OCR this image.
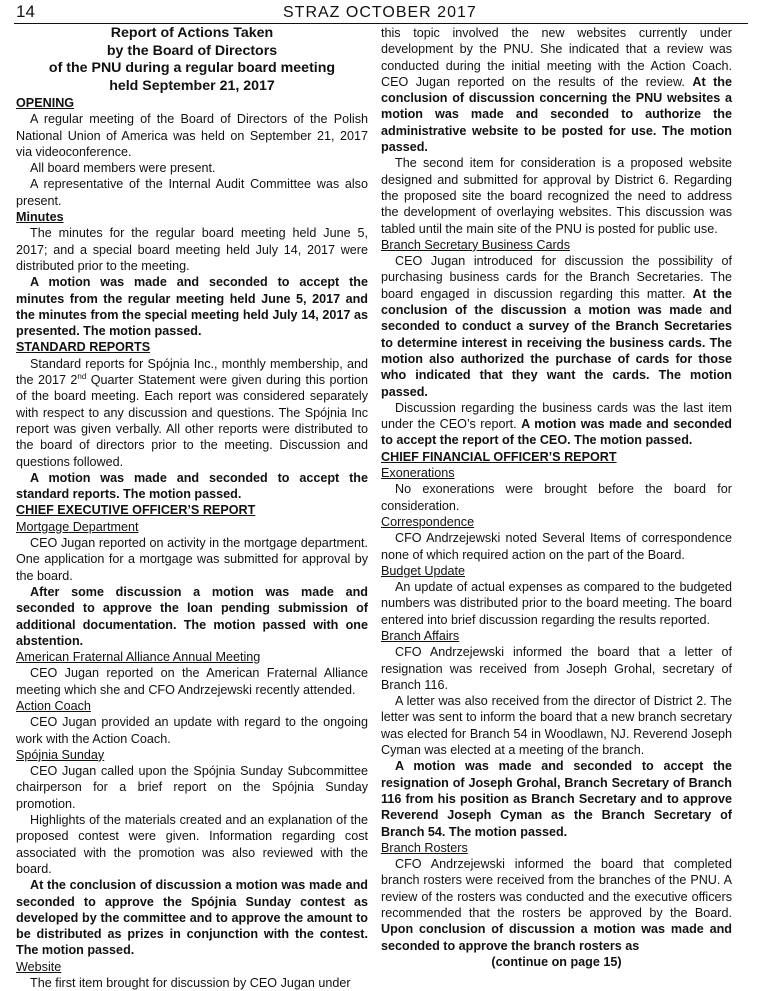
14	STRAZ OCTOBER 2017
Report of Actions Taken
by the Board of Directors
of the PNU during a regular board meeting
held September 21, 2017
OPENING
A regular meeting of the Board of Directors of the Polish National Union of America was held on September 21, 2017 via videoconference.
All board members were present.
A representative of the Internal Audit Committee was also present.
Minutes
The minutes for the regular board meeting held June 5, 2017; and a special board meeting held July 14, 2017 were distributed prior to the meeting.
A motion was made and seconded to accept the minutes from the regular meeting held June 5, 2017 and the minutes from the special meeting held July 14, 2017 as presented. The motion passed.
STANDARD REPORTS
Standard reports for Spójnia Inc., monthly membership, and the 2017 2nd Quarter Statement were given during this portion of the board meeting. Each report was considered separately with respect to any discussion and questions. The Spójnia Inc report was given verbally. All other reports were distributed to the board of directors prior to the meeting. Discussion and questions followed.
A motion was made and seconded to accept the standard reports. The motion passed.
CHIEF EXECUTIVE OFFICER’S REPORT
Mortgage Department
CEO Jugan reported on activity in the mortgage department. One application for a mortgage was submitted for approval by the board.
After some discussion a motion was made and seconded to approve the loan pending submission of additional documentation. The motion passed with one abstention.
American Fraternal Alliance Annual Meeting
CEO Jugan reported on the American Fraternal Alliance meeting which she and CFO Andrzejewski recently attended.
Action Coach
CEO Jugan provided an update with regard to the ongoing work with the Action Coach.
Spójnia Sunday
CEO Jugan called upon the Spójnia Sunday Subcommittee chairperson for a brief report on the Spójnia Sunday promotion.
Highlights of the materials created and an explanation of the proposed contest were given. Information regarding cost associated with the promotion was also reviewed with the board.
At the conclusion of discussion a motion was made and seconded to approve the Spójnia Sunday contest as developed by the committee and to approve the amount to be distributed as prizes in conjunction with the contest. The motion passed.
Website
The first item brought for discussion by CEO Jugan under
this topic involved the new websites currently under development by the PNU. She indicated that a review was conducted during the initial meeting with the Action Coach. CEO Jugan reported on the results of the review. At the conclusion of discussion concerning the PNU websites a motion was made and seconded to authorize the administrative website to be posted for use. The motion passed.
The second item for consideration is a proposed website designed and submitted for approval by District 6. Regarding the proposed site the board recognized the need to address the development of overlaying websites. This discussion was tabled until the main site of the PNU is posted for public use.
Branch Secretary Business Cards
CEO Jugan introduced for discussion the possibility of purchasing business cards for the Branch Secretaries. The board engaged in discussion regarding this matter. At the conclusion of the discussion a motion was made and seconded to conduct a survey of the Branch Secretaries to determine interest in receiving the business cards. The motion also authorized the purchase of cards for those who indicated that they want the cards. The motion passed.
Discussion regarding the business cards was the last item under the CEO’s report. A motion was made and seconded to accept the report of the CEO. The motion passed.
CHIEF FINANCIAL OFFICER’S REPORT
Exonerations
No exonerations were brought before the board for consideration.
Correspondence
CFO Andrzejewski noted Several Items of correspondence none of which required action on the part of the Board.
Budget Update
An update of actual expenses as compared to the budgeted numbers was distributed prior to the board meeting. The board entered into brief discussion regarding the results reported.
Branch Affairs
CFO Andrzejewski informed the board that a letter of resignation was received from Joseph Grohal, secretary of Branch 116.
A letter was also received from the director of District 2. The letter was sent to inform the board that a new branch secretary was elected for Branch 54 in Woodlawn, NJ. Reverend Joseph Cyman was elected at a meeting of the branch.
A motion was made and seconded to accept the resignation of Joseph Grohal, Branch Secretary of Branch 116 from his position as Branch Secretary and to approve Reverend Joseph Cyman as the Branch Secretary of Branch 54. The motion passed.
Branch Rosters
CFO Andrzejewski informed the board that completed branch rosters were received from the branches of the PNU. A review of the rosters was conducted and the executive officers recommended that the rosters be approved by the Board. Upon conclusion of discussion a motion was made and seconded to approve the branch rosters as
(continue on page 15)
